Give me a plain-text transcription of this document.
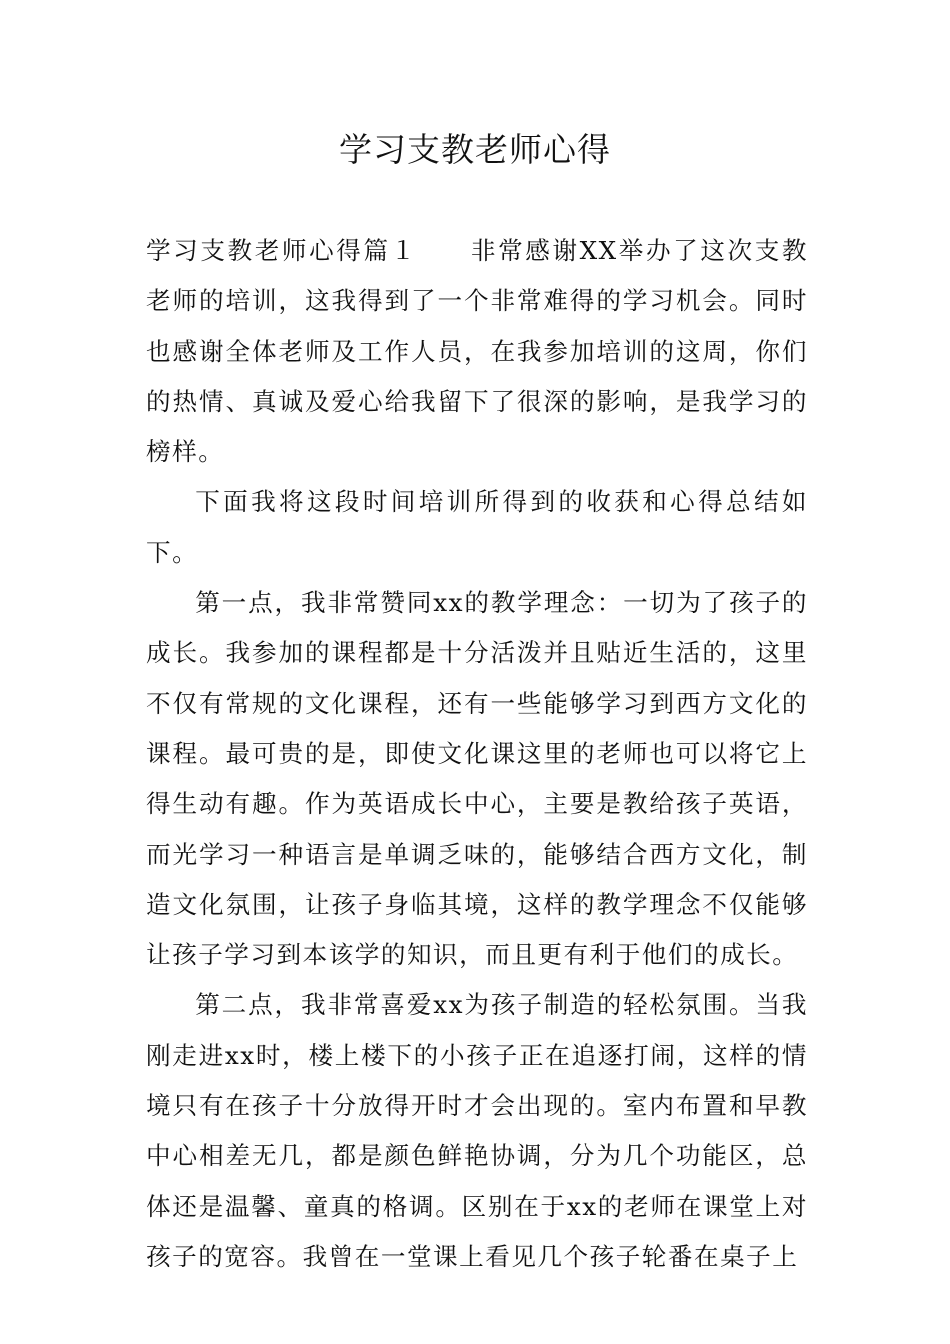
学习支教老师心得

学习支教老师心得篇１ 非常感谢XX举办了这次支教老师的培训，这我得到了一个非常难得的学习机会。同时也感谢全体老师及工作人员，在我参加培训的这周，你们的热情、真诚及爱心给我留下了很深的影响，是我学习的榜样。

下面我将这段时间培训所得到的收获和心得总结如下。

第一点，我非常赞同xx的教学理念：一切为了孩子的成长。我参加的课程都是十分活泼并且贴近生活的，这里不仅有常规的文化课程，还有一些能够学习到西方文化的课程。最可贵的是，即使文化课这里的老师也可以将它上得生动有趣。作为英语成长中心，主要是教给孩子英语，而光学习一种语言是单调乏味的，能够结合西方文化，制造文化氛围，让孩子身临其境，这样的教学理念不仅能够让孩子学习到本该学的知识，而且更有利于他们的成长。

第二点，我非常喜爱xx为孩子制造的轻松氛围。当我刚走进xx时，楼上楼下的小孩子正在追逐打闹，这样的情境只有在孩子十分放得开时才会出现的。室内布置和早教中心相差无几，都是颜色鲜艳协调，分为几个功能区，总体还是温馨、童真的格调。区别在于xx的老师在课堂上对孩子的宽容。我曾在一堂课上看见几个孩子轮番在桌子上
